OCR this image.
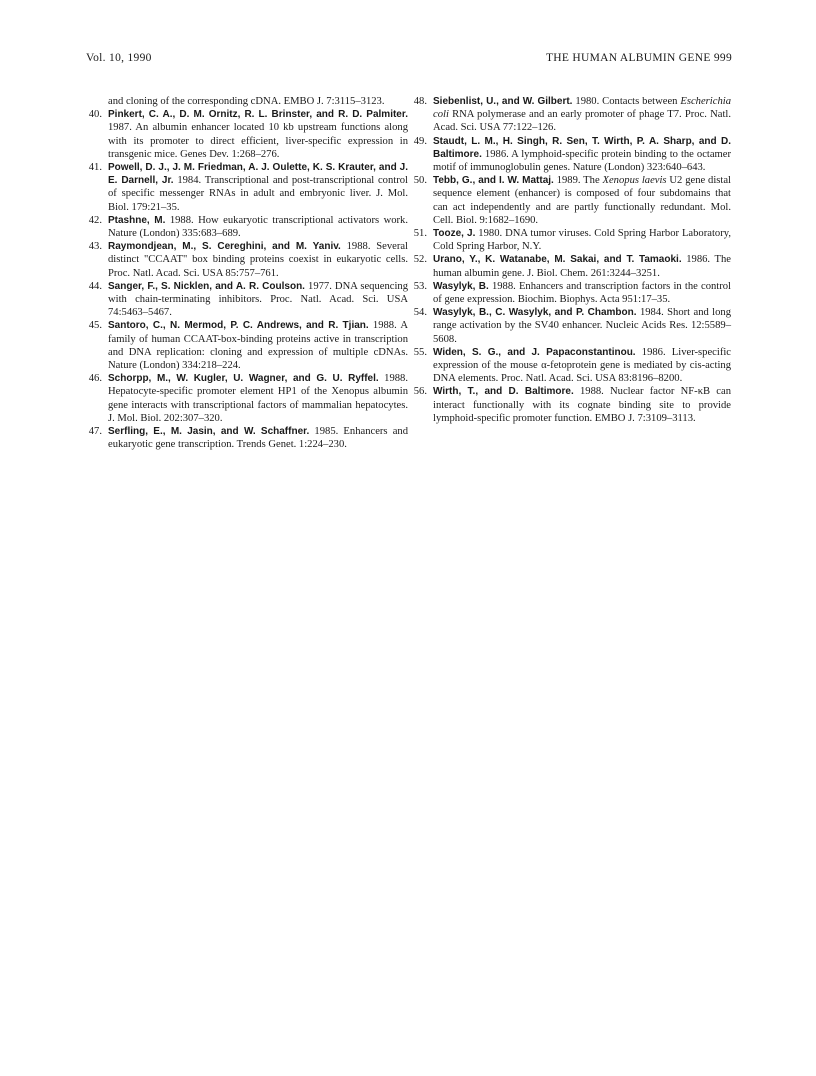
Vol. 10, 1990	THE HUMAN ALBUMIN GENE 999

and cloning of the corresponding cDNA. EMBO J. 7:3115–3123.

40. Pinkert, C. A., D. M. Ornitz, R. L. Brinster, and R. D. Palmiter. 1987. An albumin enhancer located 10 kb upstream functions along with its promoter to direct efficient, liver-specific expression in transgenic mice. Genes Dev. 1:268–276.

41. Powell, D. J., J. M. Friedman, A. J. Oulette, K. S. Krauter, and J. E. Darnell, Jr. 1984. Transcriptional and post-transcriptional control of specific messenger RNAs in adult and embryonic liver. J. Mol. Biol. 179:21–35.

42. Ptashne, M. 1988. How eukaryotic transcriptional activators work. Nature (London) 335:683–689.

43. Raymondjean, M., S. Cereghini, and M. Yaniv. 1988. Several distinct "CCAAT" box binding proteins coexist in eukaryotic cells. Proc. Natl. Acad. Sci. USA 85:757–761.

44. Sanger, F., S. Nicklen, and A. R. Coulson. 1977. DNA sequencing with chain-terminating inhibitors. Proc. Natl. Acad. Sci. USA 74:5463–5467.

45. Santoro, C., N. Mermod, P. C. Andrews, and R. Tjian. 1988. A family of human CCAAT-box-binding proteins active in transcription and DNA replication: cloning and expression of multiple cDNAs. Nature (London) 334:218–224.

46. Schorpp, M., W. Kugler, U. Wagner, and G. U. Ryffel. 1988. Hepatocyte-specific promoter element HP1 of the Xenopus albumin gene interacts with transcriptional factors of mammalian hepatocytes. J. Mol. Biol. 202:307–320.

47. Serfling, E., M. Jasin, and W. Schaffner. 1985. Enhancers and eukaryotic gene transcription. Trends Genet. 1:224–230.

48. Siebenlist, U., and W. Gilbert. 1980. Contacts between Escherichia coli RNA polymerase and an early promoter of phage T7. Proc. Natl. Acad. Sci. USA 77:122–126.

49. Staudt, L. M., H. Singh, R. Sen, T. Wirth, P. A. Sharp, and D. Baltimore. 1986. A lymphoid-specific protein binding to the octamer motif of immunoglobulin genes. Nature (London) 323:640–643.

50. Tebb, G., and I. W. Mattaj. 1989. The Xenopus laevis U2 gene distal sequence element (enhancer) is composed of four subdomains that can act independently and are partly functionally redundant. Mol. Cell. Biol. 9:1682–1690.

51. Tooze, J. 1980. DNA tumor viruses. Cold Spring Harbor Laboratory, Cold Spring Harbor, N.Y.

52. Urano, Y., K. Watanabe, M. Sakai, and T. Tamaoki. 1986. The human albumin gene. J. Biol. Chem. 261:3244–3251.

53. Wasylyk, B. 1988. Enhancers and transcription factors in the control of gene expression. Biochim. Biophys. Acta 951:17–35.

54. Wasylyk, B., C. Wasylyk, and P. Chambon. 1984. Short and long range activation by the SV40 enhancer. Nucleic Acids Res. 12:5589–5608.

55. Widen, S. G., and J. Papaconstantinou. 1986. Liver-specific expression of the mouse α-fetoprotein gene is mediated by cis-acting DNA elements. Proc. Natl. Acad. Sci. USA 83:8196–8200.

56. Wirth, T., and D. Baltimore. 1988. Nuclear factor NF-κB can interact functionally with its cognate binding site to provide lymphoid-specific promoter function. EMBO J. 7:3109–3113.
